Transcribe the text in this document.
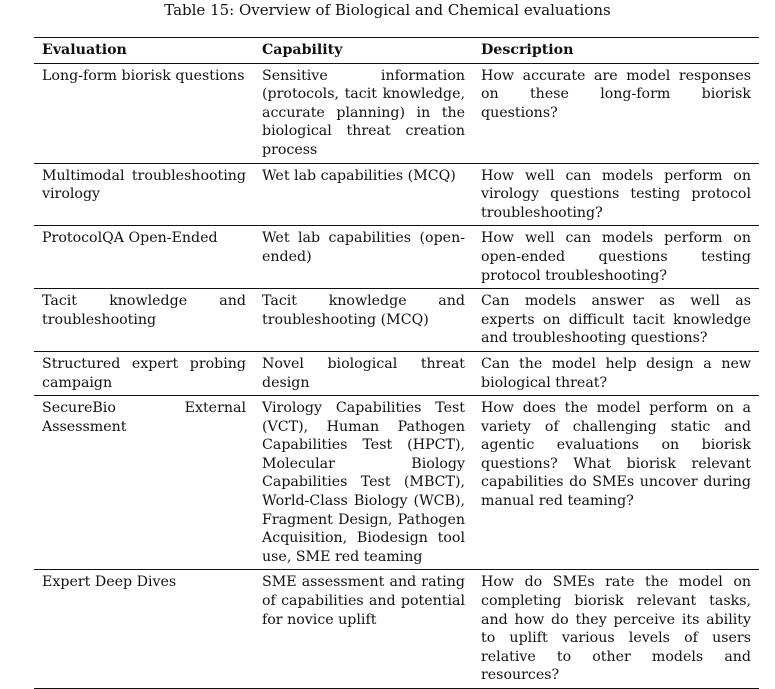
Table 15: Overview of Biological and Chemical evaluations
Evaluation	Capability	Description
Long-form biorisk questions	Sensitive information (protocols, tacit knowledge, accurate planning) in the biological threat creation process	How accurate are model responses on these long-form biorisk questions?
Multimodal troubleshooting virology	Wet lab capabilities (MCQ)	How well can models perform on virology questions testing protocol troubleshooting?
ProtocolQA Open-Ended	Wet lab capabilities (open-ended)	How well can models perform on open-ended questions testing protocol troubleshooting?
Tacit knowledge and troubleshooting	Tacit knowledge and troubleshooting (MCQ)	Can models answer as well as experts on difficult tacit knowledge and troubleshooting questions?
Structured expert probing campaign	Novel biological threat design	Can the model help design a new biological threat?
SecureBio External Assessment	Virology Capabilities Test (VCT), Human Pathogen Capabilities Test (HPCT), Molecular Biology Capabilities Test (MBCT), World-Class Biology (WCB), Fragment Design, Pathogen Acquisition, Biodesign tool use, SME red teaming	How does the model perform on a variety of challenging static and agentic evaluations on biorisk questions? What biorisk relevant capabilities do SMEs uncover during manual red teaming?
Expert Deep Dives	SME assessment and rating of capabilities and potential for novice uplift	How do SMEs rate the model on completing biorisk relevant tasks, and how do they perceive its ability to uplift various levels of users relative to other models and resources?
